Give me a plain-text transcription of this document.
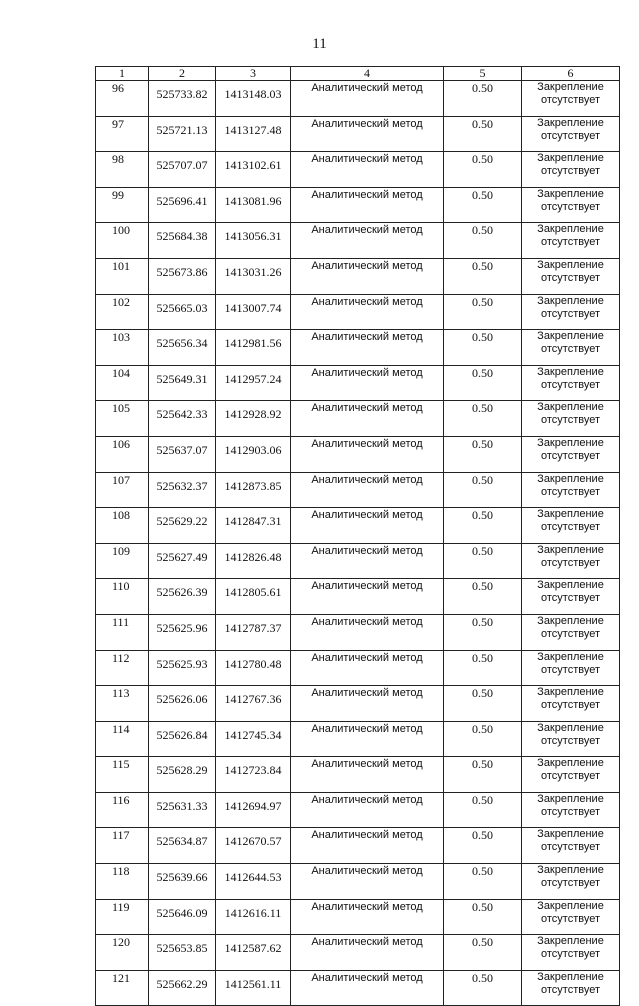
11
1	2	3	4	5	6
96	525733.82	1413148.03	Аналитический метод	0.50	Закрепление отсутствует
97	525721.13	1413127.48	Аналитический метод	0.50	Закрепление отсутствует
98	525707.07	1413102.61	Аналитический метод	0.50	Закрепление отсутствует
99	525696.41	1413081.96	Аналитический метод	0.50	Закрепление отсутствует
100	525684.38	1413056.31	Аналитический метод	0.50	Закрепление отсутствует
101	525673.86	1413031.26	Аналитический метод	0.50	Закрепление отсутствует
102	525665.03	1413007.74	Аналитический метод	0.50	Закрепление отсутствует
103	525656.34	1412981.56	Аналитический метод	0.50	Закрепление отсутствует
104	525649.31	1412957.24	Аналитический метод	0.50	Закрепление отсутствует
105	525642.33	1412928.92	Аналитический метод	0.50	Закрепление отсутствует
106	525637.07	1412903.06	Аналитический метод	0.50	Закрепление отсутствует
107	525632.37	1412873.85	Аналитический метод	0.50	Закрепление отсутствует
108	525629.22	1412847.31	Аналитический метод	0.50	Закрепление отсутствует
109	525627.49	1412826.48	Аналитический метод	0.50	Закрепление отсутствует
110	525626.39	1412805.61	Аналитический метод	0.50	Закрепление отсутствует
111	525625.96	1412787.37	Аналитический метод	0.50	Закрепление отсутствует
112	525625.93	1412780.48	Аналитический метод	0.50	Закрепление отсутствует
113	525626.06	1412767.36	Аналитический метод	0.50	Закрепление отсутствует
114	525626.84	1412745.34	Аналитический метод	0.50	Закрепление отсутствует
115	525628.29	1412723.84	Аналитический метод	0.50	Закрепление отсутствует
116	525631.33	1412694.97	Аналитический метод	0.50	Закрепление отсутствует
117	525634.87	1412670.57	Аналитический метод	0.50	Закрепление отсутствует
118	525639.66	1412644.53	Аналитический метод	0.50	Закрепление отсутствует
119	525646.09	1412616.11	Аналитический метод	0.50	Закрепление отсутствует
120	525653.85	1412587.62	Аналитический метод	0.50	Закрепление отсутствует
121	525662.29	1412561.11	Аналитический метод	0.50	Закрепление отсутствует
